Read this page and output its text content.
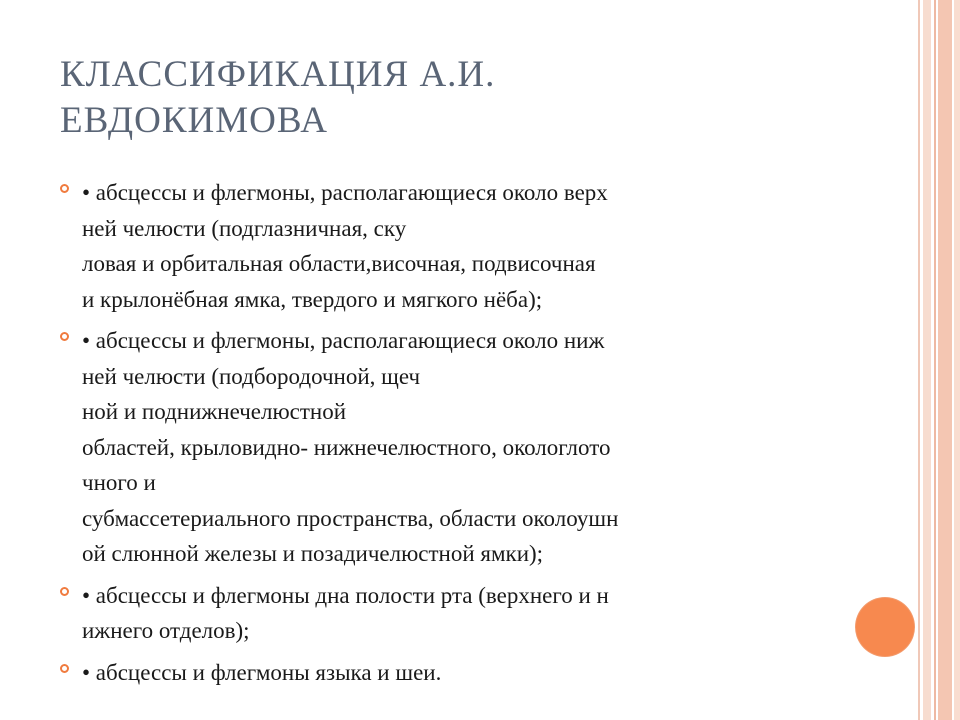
КЛАССИФИКАЦИЯ А.И.
ЕВДОКИМОВА
• абсцессы и флегмоны, располагающиеся около верх
ней челюсти (подглазничная, ску
ловая и орбитальная области,височная, подвисочная
и крылонёбная ямка, твердого и мягкого нёба);
• абсцессы и флегмоны, располагающиеся около ниж
ней челюсти (подбородочной, щеч
ной и поднижнечелюстной
областей, крыловидно- нижнечелюстного, окологлото
чного и
субмассетериального пространства, области околоушн
ой слюнной железы и позадичелюстной ямки);
• абсцессы и флегмоны дна полости рта (верхнего и н
ижнего отделов);
• абсцессы и флегмоны языка и шеи.
